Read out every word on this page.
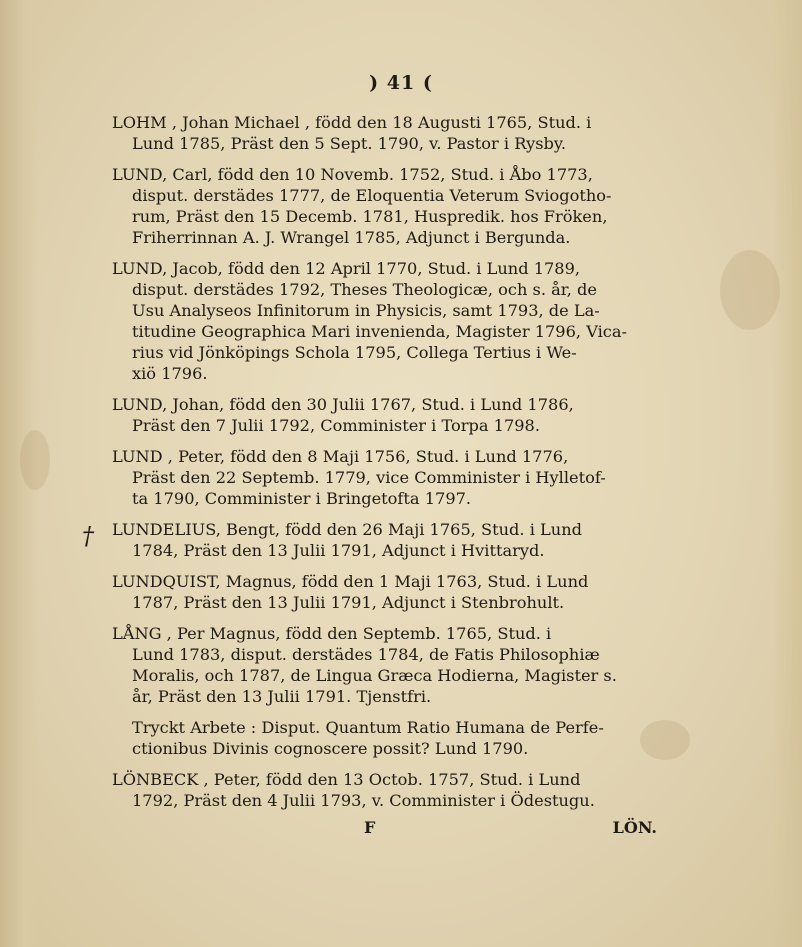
) 41 (
†
LOHM , Johan Michael , född den 18 Augusti 1765, Stud. i
Lund 1785, Präst den 5 Sept. 1790, v. Pastor i Rysby.
LUND, Carl, född den 10 Novemb. 1752, Stud. i Åbo 1773,
disput. derstädes 1777, de Eloquentia Veterum Sviogotho-
rum, Präst den 15 Decemb. 1781, Huspredik. hos Fröken,
Friherrinnan A. J. Wrangel 1785, Adjunct i Bergunda.
LUND, Jacob, född den 12 April 1770, Stud. i Lund 1789,
disput. derstädes 1792, Theses Theologicæ, och s. år, de
Usu Analyseos Infinitorum in Physicis, samt 1793, de La-
titudine Geographica Mari invenienda, Magister 1796, Vica-
rius vid Jönköpings Schola 1795, Collega Tertius i We-
xiö 1796.
LUND, Johan, född den 30 Julii 1767, Stud. i Lund 1786,
Präst den 7 Julii 1792, Comminister i Torpa 1798.
LUND , Peter, född den 8 Maji 1756, Stud. i Lund 1776,
Präst den 22 Septemb. 1779, vice Comminister i Hylletof-
ta 1790, Comminister i Bringetofta 1797.
LUNDELIUS, Bengt, född den 26 Maji 1765, Stud. i Lund
1784, Präst den 13 Julii 1791, Adjunct i Hvittaryd.
LUNDQUIST, Magnus, född den 1 Maji 1763, Stud. i Lund
1787, Präst den 13 Julii 1791, Adjunct i Stenbrohult.
LÅNG , Per Magnus, född den Septemb. 1765, Stud. i
Lund 1783, disput. derstädes 1784, de Fatis Philosophiæ
Moralis, och 1787, de Lingua Græca Hodierna, Magister s.
år, Präst den 13 Julii 1791. Tjenstfri.
Tryckt Arbete : Disput. Quantum Ratio Humana de Perfe-
ctionibus Divinis cognoscere possit? Lund 1790.
LÖNBECK , Peter, född den 13 Octob. 1757, Stud. i Lund
1792, Präst den 4 Julii 1793, v. Comminister i Ödestugu.
F	LÖN.
